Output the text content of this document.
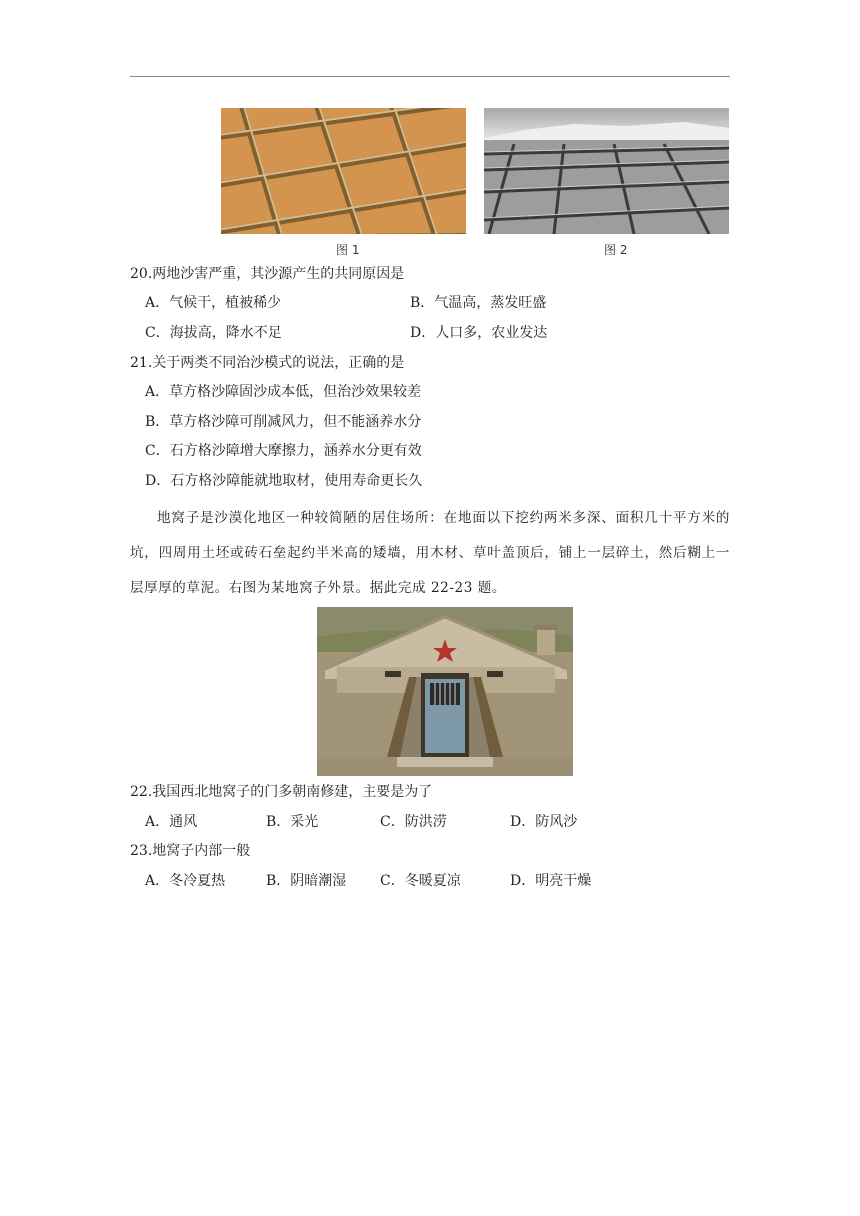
图 1	图 2
20.两地沙害严重，其沙源产生的共同原因是
A．气候干，植被稀少	B．气温高，蒸发旺盛
C．海拔高，降水不足	D．人口多，农业发达
21.关于两类不同治沙模式的说法，正确的是
A．草方格沙障固沙成本低，但治沙效果较差
B．草方格沙障可削减风力，但不能涵养水分
C．石方格沙障增大摩擦力，涵养水分更有效
D．石方格沙障能就地取材，使用寿命更长久
地窝子是沙漠化地区一种较简陋的居住场所：在地面以下挖约两米多深、面积几十平方米的坑，四周用土坯或砖石垒起约半米高的矮墙，用木材、草叶盖顶后，铺上一层碎土，然后糊上一层厚厚的草泥。右图为某地窝子外景。据此完成 22-23 题。
22.我国西北地窝子的门多朝南修建，主要是为了
A．通风	B．采光	C．防洪涝	D．防风沙
23.地窝子内部一般
A．冬冷夏热	B．阴暗潮湿 C．冬暖夏凉	D．明亮干燥
